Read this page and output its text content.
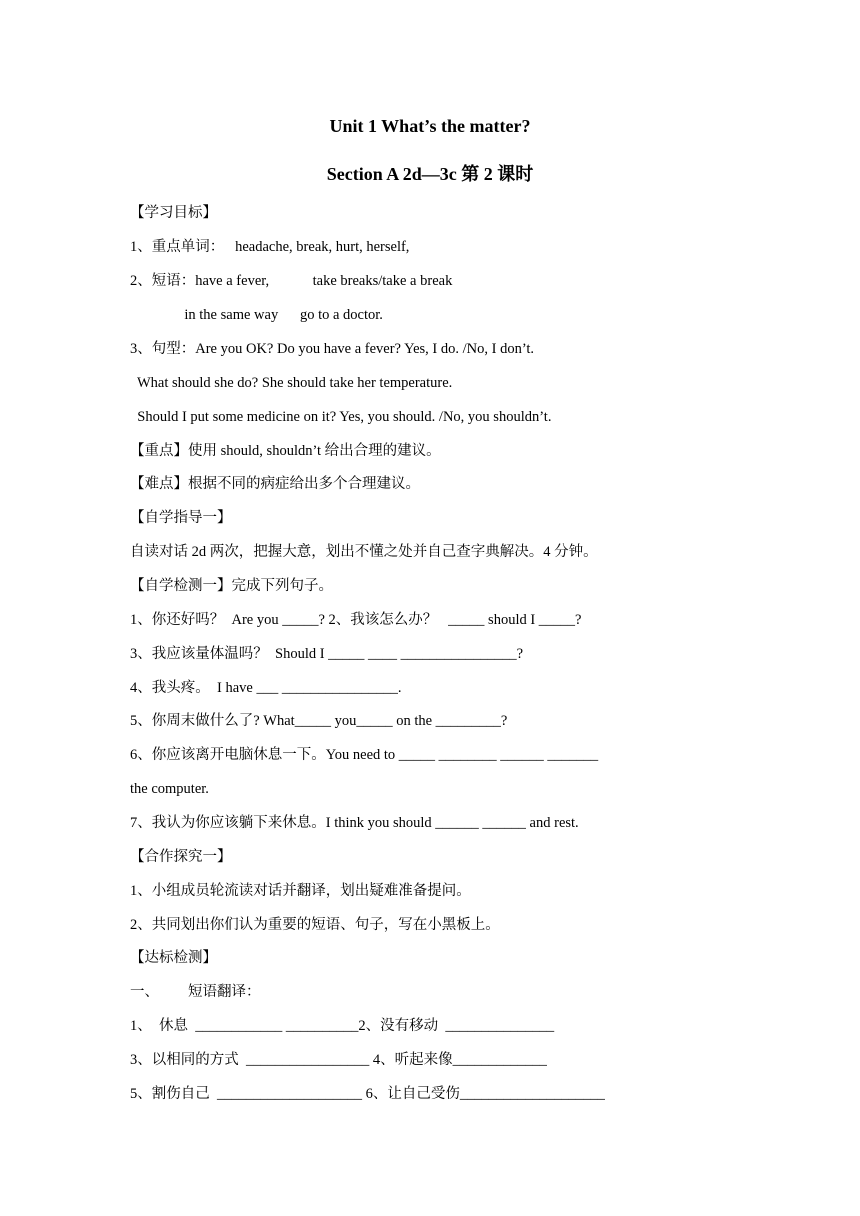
Unit 1 What’s the matter?
Section A 2d—3c 第 2 课时
【学习目标】
1、重点单词：   headache, break, hurt, herself,
2、短语：have a fever,            take breaks/take a break
in the same way      go to a doctor.
3、句型：Are you OK? Do you have a fever? Yes, I do. /No, I don’t.
What should she do? She should take her temperature.
Should I put some medicine on it? Yes, you should. /No, you shouldn’t.
【重点】使用 should, shouldn’t 给出合理的建议。
【难点】根据不同的病症给出多个合理建议。
【自学指导一】
自读对话 2d 两次，把握大意，划出不懂之处并自己查字典解决。4 分钟。
【自学检测一】完成下列句子。
1、你还好吗？  Are you _____? 2、我该怎么办？   _____ should I _____?
3、我应该量体温吗？  Should I _____ ____ ________________?
4、我头疼。  I have ___ ________________.
5、你周末做什么了? What_____ you_____ on the _________?
6、你应该离开电脑休息一下。You need to _____ ________ ______ _______
the computer.
7、我认为你应该躺下来休息。I think you should ______ ______ and rest.
【合作探究一】
1、小组成员轮流读对话并翻译，划出疑难准备提问。
2、共同划出你们认为重要的短语、句子，写在小黑板上。
【达标检测】
一、        短语翻译：
1、  休息  ____________ __________2、没有移动  _______________
3、以相同的方式  _________________ 4、听起来像_____________
5、割伤自己  ____________________ 6、让自己受伤____________________
